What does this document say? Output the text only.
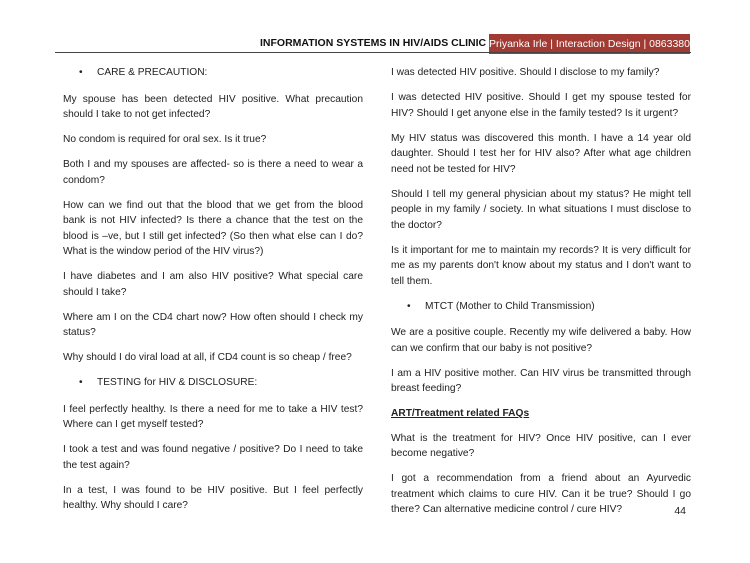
INFORMATION SYSTEMS IN HIV/AIDS CLINIC Priyanka Irle | Interaction Design | 08633803

• CARE & PRECAUTION:

My spouse has been detected HIV positive. What precaution should I take to not get infected?

No condom is required for oral sex. Is it true?

Both I and my spouses are affected- so is there a need to wear a condom?

How can we find out that the blood that we get from the blood bank is not HIV infected? Is there a chance that the test on the blood is –ve, but I still get infected? (So then what else can I do? What is the window period of the HIV virus?)

I have diabetes and I am also HIV positive? What special care should I take?

Where am I on the CD4 chart now? How often should I check my status?

Why should I do viral load at all, if CD4 count is so cheap / free?

• TESTING for HIV & DISCLOSURE:

I feel perfectly healthy. Is there a need for me to take a HIV test? Where can I get myself tested?

I took a test and was found negative / positive? Do I need to take the test again?

In a test, I was found to be HIV positive. But I feel perfectly healthy. Why should I care?

I was detected HIV positive. Should I disclose to my family?

I was detected HIV positive. Should I get my spouse tested for HIV? Should I get anyone else in the family tested? Is it urgent?

My HIV status was discovered this month. I have a 14 year old daughter. Should I test her for HIV also? After what age children need not be tested for HIV?

Should I tell my general physician about my status? He might tell people in my family / society. In what situations I must disclose to the doctor?

Is it important for me to maintain my records? It is very difficult for me as my parents don't know about my status and I don't want to tell them.

• MTCT (Mother to Child Transmission)

We are a positive couple. Recently my wife delivered a baby. How can we confirm that our baby is not positive?

I am a HIV positive mother. Can HIV virus be transmitted through breast feeding?

ART/Treatment related FAQs

What is the treatment for HIV? Once HIV positive, can I ever become negative?

I got a recommendation from a friend about an Ayurvedic treatment which claims to cure HIV. Can it be true? Should I go there? Can alternative medicine control / cure HIV?	44
